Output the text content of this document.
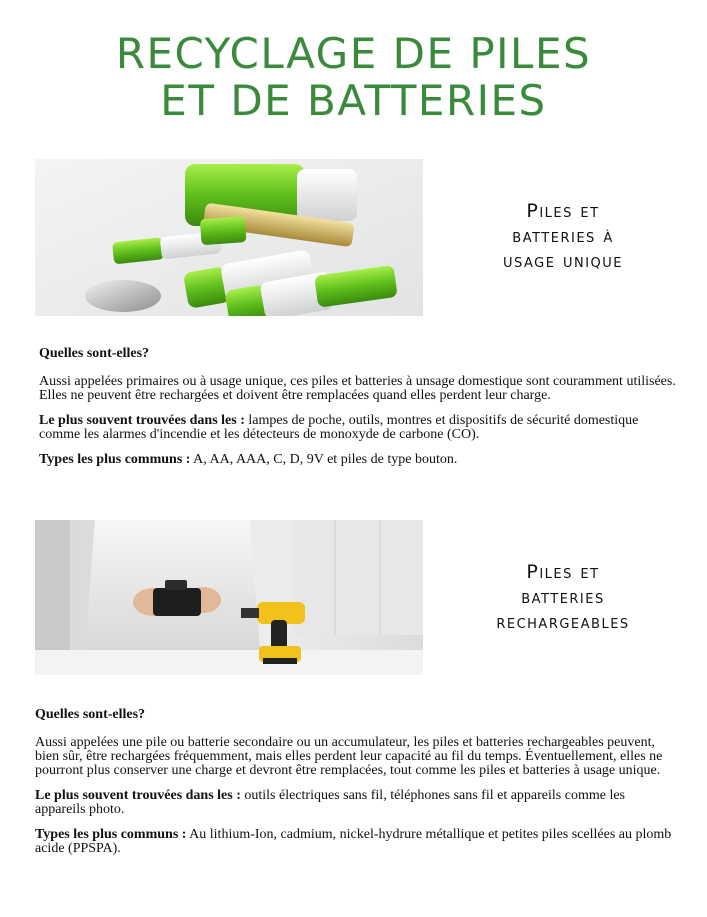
RECYCLAGE DE PILES
ET DE BATTERIES
Piles et
batteries à
usage unique

Quelles sont-elles?

Aussi appelées primaires ou à usage unique, ces piles et batteries à unsage domestique sont couramment utilisées. Elles ne peuvent être rechargées et doivent être remplacées quand elles perdent leur charge.

Le plus souvent trouvées dans les : lampes de poche, outils, montres et dispositifs de sécurité domestique comme les alarmes d'incendie et les détecteurs de monoxyde de carbone (CO).

Types les plus communs : A, AA, AAA, C, D, 9V et piles de type bouton.

Piles et
batteries
rechargeables

Quelles sont-elles?

Aussi appelées une pile ou batterie secondaire ou un accumulateur, les piles et batteries rechargeables peuvent, bien sûr, être rechargées fréquemment, mais elles perdent leur capacité au fil du temps. Éventuellement, elles ne pourront plus conserver une charge et devront être remplacées, tout comme les piles et batteries à usage unique.

Le plus souvent trouvées dans les : outils électriques sans fil, téléphones sans fil et appareils comme les appareils photo.

Types les plus communs : Au lithium-Ion, cadmium, nickel-hydrure métallique et petites piles scellées au plomb acide (PPSPA).
